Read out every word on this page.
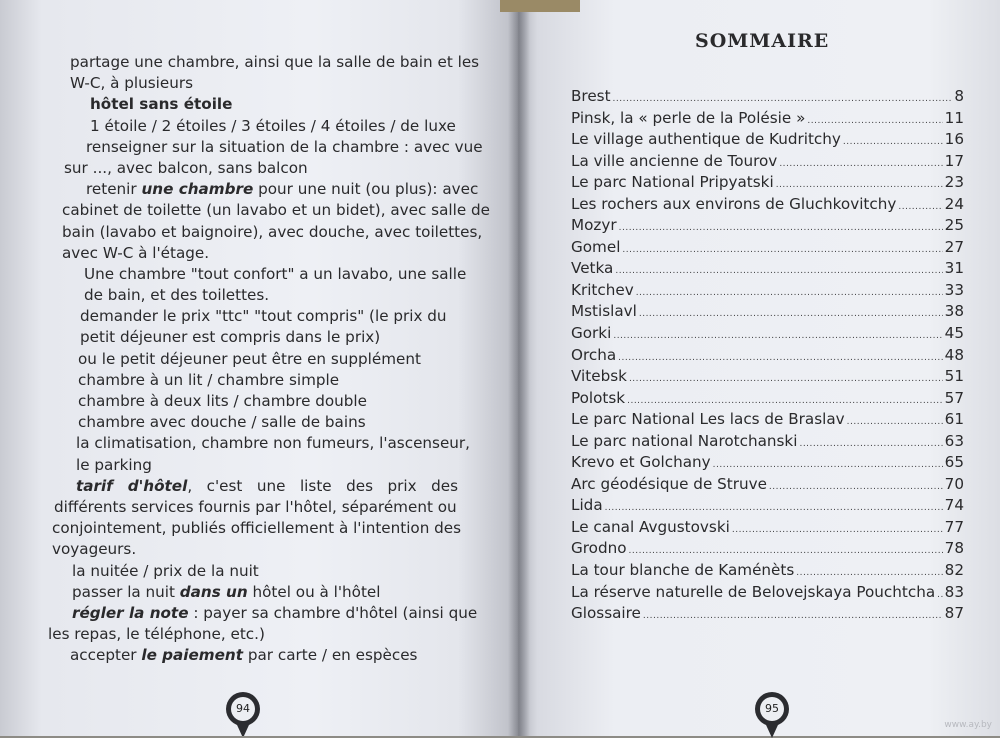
partage une chambre, ainsi que la salle de bain et les
W-C, à plusieurs
hôtel sans étoile
1 étoile / 2 étoiles / 3 étoiles / 4 étoiles / de luxe
renseigner sur la situation de la chambre : avec vue
sur ..., avec balcon, sans balcon
retenir une chambre pour une nuit (ou plus): avec
cabinet de toilette (un lavabo et un bidet), avec salle de
bain (lavabo et baignoire), avec douche, avec toilettes,
avec W-C à l'étage.
Une chambre "tout confort" a un lavabo, une salle
de bain, et des toilettes.
demander le prix "ttc" "tout compris" (le prix du
petit déjeuner est compris dans le prix)
ou le petit déjeuner peut être en supplément
chambre à un lit / chambre simple
chambre à deux lits / chambre double
chambre avec douche / salle de bains
la climatisation, chambre non fumeurs, l'ascenseur,
le parking
tarif d'hôtel, c'est une liste des prix des
différents services fournis par l'hôtel, séparément ou
conjointement, publiés officiellement à l'intention des
voyageurs.
la nuitée / prix de la nuit
passer la nuit dans un hôtel ou à l'hôtel
régler la note : payer sa chambre d'hôtel (ainsi que
les repas, le téléphone, etc.)
accepter le paiement par carte / en espèces
94
SOMMAIRE
Brest .....	8
Pinsk, la « perle de la Polésie » .....	11
Le village authentique de Kudritchy .....	16
La ville ancienne de Tourov .....	17
Le parc National Pripyatski .....	23
Les rochers aux environs de Gluchkovitchy .....	24
Mozyr .....	25
Gomel .....	27
Vetka .....	31
Kritchev .....	33
Mstislavl .....	38
Gorki .....	45
Orcha .....	48
Vitebsk .....	51
Polotsk .....	57
Le parc National Les lacs de Braslav .....	61
Le parc national Narotchanski .....	63
Krevo et Golchany .....	65
Arc géodésique de Struve .....	70
Lida .....	74
Le canal Avgustovski .....	77
Grodno .....	78
La tour blanche de Kaménèts .....	82
La réserve naturelle de Belovejskaya Pouchtcha ..... 83
Glossaire .....	87
95
www.ay.by
